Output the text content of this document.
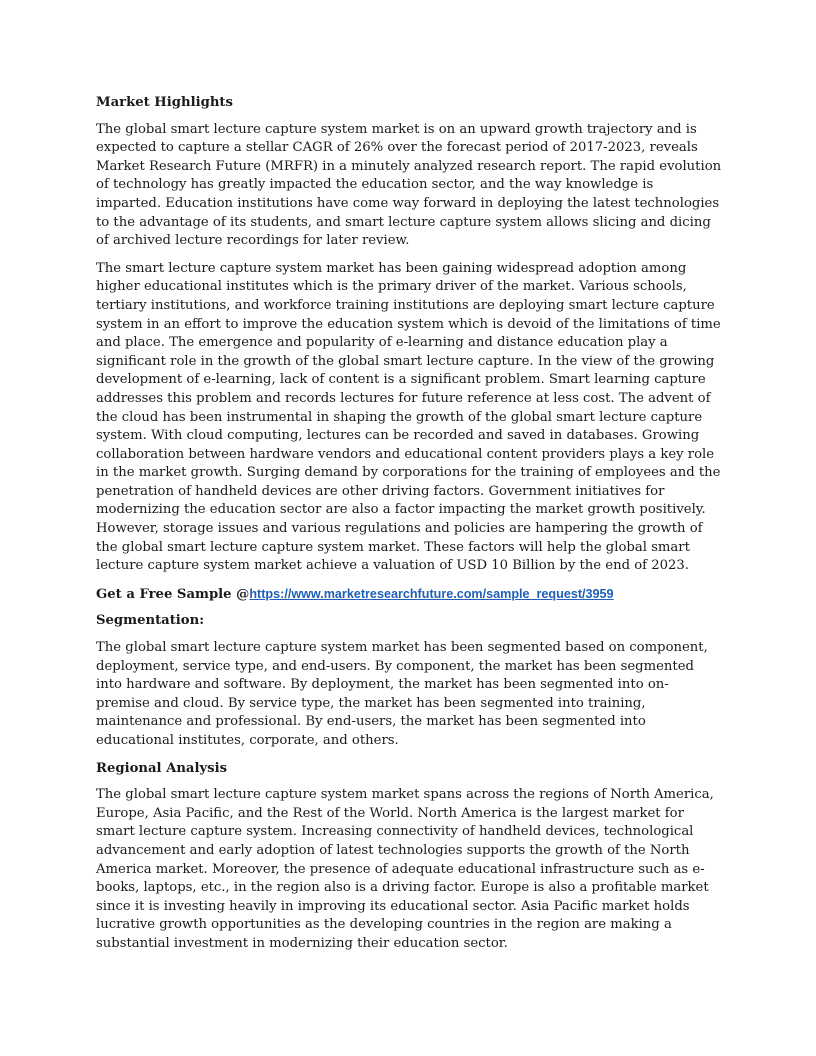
Market Highlights

The global smart lecture capture system market is on an upward growth trajectory and is expected to capture a stellar CAGR of 26% over the forecast period of 2017-2023, reveals Market Research Future (MRFR) in a minutely analyzed research report. The rapid evolution of technology has greatly impacted the education sector, and the way knowledge is imparted. Education institutions have come way forward in deploying the latest technologies to the advantage of its students, and smart lecture capture system allows slicing and dicing of archived lecture recordings for later review.

The smart lecture capture system market has been gaining widespread adoption among higher educational institutes which is the primary driver of the market. Various schools, tertiary institutions, and workforce training institutions are deploying smart lecture capture system in an effort to improve the education system which is devoid of the limitations of time and place. The emergence and popularity of e-learning and distance education play a significant role in the growth of the global smart lecture capture. In the view of the growing development of e-learning, lack of content is a significant problem. Smart learning capture addresses this problem and records lectures for future reference at less cost. The advent of the cloud has been instrumental in shaping the growth of the global smart lecture capture system. With cloud computing, lectures can be recorded and saved in databases. Growing collaboration between hardware vendors and educational content providers plays a key role in the market growth. Surging demand by corporations for the training of employees and the penetration of handheld devices are other driving factors. Government initiatives for modernizing the education sector are also a factor impacting the market growth positively. However, storage issues and various regulations and policies are hampering the growth of the global smart lecture capture system market. These factors will help the global smart lecture capture system market achieve a valuation of USD 10 Billion by the end of 2023.

Get a Free Sample @https://www.marketresearchfuture.com/sample_request/3959
Segmentation:

The global smart lecture capture system market has been segmented based on component, deployment, service type, and end-users. By component, the market has been segmented into hardware and software. By deployment, the market has been segmented into on-premise and cloud. By service type, the market has been segmented into training, maintenance and professional. By end-users, the market has been segmented into educational institutes, corporate, and others.

Regional Analysis

The global smart lecture capture system market spans across the regions of North America, Europe, Asia Pacific, and the Rest of the World. North America is the largest market for smart lecture capture system. Increasing connectivity of handheld devices, technological advancement and early adoption of latest technologies supports the growth of the North America market. Moreover, the presence of adequate educational infrastructure such as e-books, laptops, etc., in the region also is a driving factor. Europe is also a profitable market since it is investing heavily in improving its educational sector. Asia Pacific market holds lucrative growth opportunities as the developing countries in the region are making a substantial investment in modernizing their education sector.
